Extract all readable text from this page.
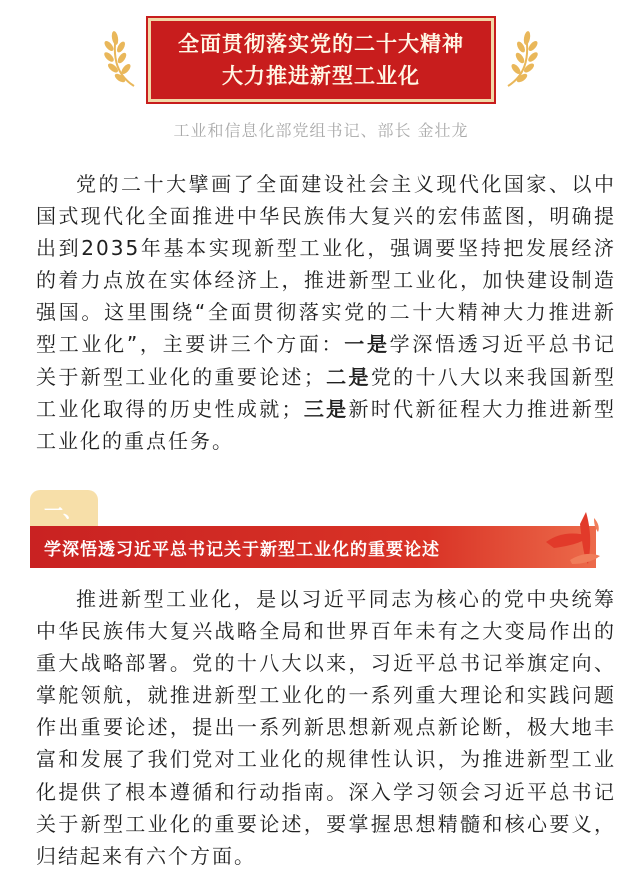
全面贯彻落实党的二十大精神
大力推进新型工业化
工业和信息化部党组书记、部长 金壮龙

党的二十大擘画了全面建设社会主义现代化国家、以中国式现代化全面推进中华民族伟大复兴的宏伟蓝图，明确提出到2035年基本实现新型工业化，强调要坚持把发展经济的着力点放在实体经济上，推进新型工业化，加快建设制造强国。这里围绕“全面贯彻落实党的二十大精神大力推进新型工业化”，主要讲三个方面：一是学深悟透习近平总书记关于新型工业化的重要论述；二是党的十八大以来我国新型工业化取得的历史性成就；三是新时代新征程大力推进新型工业化的重点任务。

一、
学深悟透习近平总书记关于新型工业化的重要论述

推进新型工业化，是以习近平同志为核心的党中央统筹中华民族伟大复兴战略全局和世界百年未有之大变局作出的重大战略部署。党的十八大以来，习近平总书记举旗定向、掌舵领航，就推进新型工业化的一系列重大理论和实践问题作出重要论述，提出一系列新思想新观点新论断，极大地丰富和发展了我们党对工业化的规律性认识，为推进新型工业化提供了根本遵循和行动指南。深入学习领会习近平总书记关于新型工业化的重要论述，要掌握思想精髓和核心要义，归结起来有六个方面。
